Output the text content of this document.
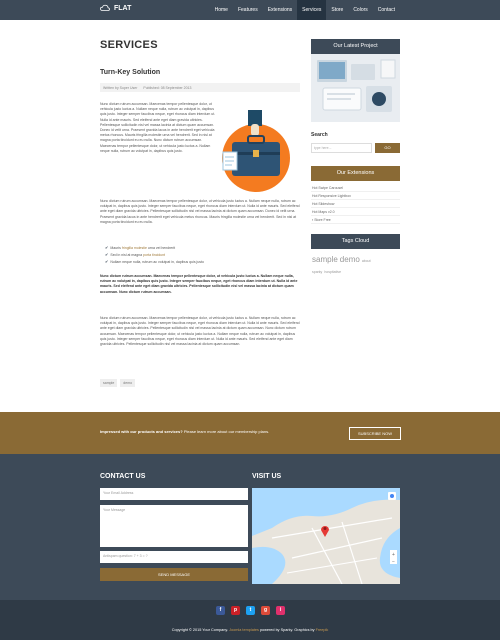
FLAT	Home	Features	Extensions	Services	Store	Colors	Contact
SERVICES
Turn-Key Solution
Written by Super User Published: 08 September 2013
Nunc dictum rutrum accumsan. Maecenas tempor pellentesque dolor, ut vehicula justo luctus a. Nullam neque nulla, rutrum ac volutpat in, dapibus quis justo. Integer semper faucibus neque, eget rhoncus diam interdum ut. Nulla id ante mauris. Sed eleifend ante eget diam gravida ultricies. Pellentesque sollicitudin nisl vel massa lacinia at dictum quam accumsan. Donec id velit urna. Praesent gravida lacus in ante hendrerit eget vehicula metus rhoncus. Mauris fringilla molestie urna vel hendrerit. Sed in nisl at magna porta tincidunt eu eu nulla. Nunc dictum rutrum accumsan. Maecenas tempor pellentesque dolor, ut vehicula justo luctus a. Nullam neque nulla, rutrum ac volutpat in, dapibus quis justo.
Nunc dictum rutrum accumsan. Maecenas tempor pellentesque dolor, ut vehicula justo luctus a. Nullam neque nulla, rutrum ac volutpat in, dapibus quis justo. Integer semper faucibus neque, eget rhoncus diam interdum ut. Nulla id ante mauris. Sed eleifend ante eget diam gravida ultricies. Pellentesque sollicitudin nisl vel massa lacinia at dictum quam accumsan. Donec id velit urna. Praesent gravida lacus in ante hendrerit eget vehicula metus rhoncus. Mauris fringilla molestie urna vel hendrerit. Sed in nisl at magna porta tincidunt eu eu nulla.
✔ Mauris fringilla molestie urna vel hendrerit
✔ Sed in nisl at magna porta tincidunt
✔ Nullam neque nulla, rutrum ac volutpat in, dapibus quis justo
Nunc dictum rutrum accumsan. Maecenas tempor pellentesque dolor, ut vehicula justo luctus a. Nullam neque nulla, rutrum ac volutpat in, dapibus quis justo. Integer semper faucibus neque, eget rhoncus diam interdum ut. Nulla id ante mauris. Sed eleifend ante eget diam gravida ultricies. Pellentesque sollicitudin nisl vel massa lacinia at dictum quam accumsan. Nunc dictum rutrum accumsan.
Nunc dictum rutrum accumsan. Maecenas tempor pellentesque dolor, ut vehicula justo luctus a. Nullam neque nulla, rutrum ac volutpat in, dapibus quis justo. Integer semper faucibus neque, eget rhoncus diam interdum ut. Nulla id ante mauris. Sed eleifend ante eget diam gravida ultricies. Pellentesque sollicitudin nisl vel massa lacinia at dictum quam accumsan. Nunc dictum rutrum accumsan. Maecenas tempor pellentesque dolor, ut vehicula justo luctus a. Nullam neque nulla, rutrum ac volutpat in, dapibus quis justo. Integer semper faucibus neque, eget rhoncus diam interdum ut. Nulla id ante mauris. Sed eleifend ante eget diam gravida ultricies. Pellentesque sollicitudin nisl vel massa lacinia at dictum quam accumsan.
sample	demo
Our Latest Project
Search
type here...	GO
Our Extensions
Hot Swipe Carousel
Hot Responsive Lightbox
Hot Slideshow
Hot Maps v2.0
▪ Store Free
Tags Cloud
sample demo about sparky hospitative
Impressed with our products and services? Please learn more about our membership plans.	SUBSCRIBE NOW
CONTACT US	VISIT US
Your Email Address
Your Message
Antispam question: 7 + 3 = ?
SEND MESSAGE
+
−
f	p	t	g	i
Copyright © 2015 Your Company. Joomla templates powered by Sparky. Graphics by Freepik
